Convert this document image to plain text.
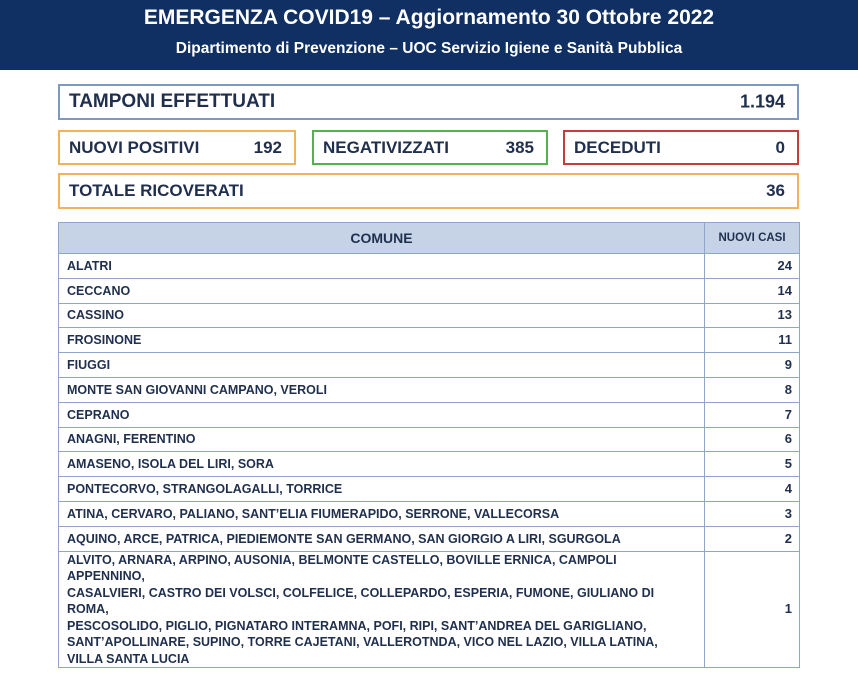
EMERGENZA COVID19 – Aggiornamento 30 Ottobre 2022
Dipartimento di Prevenzione – UOC Servizio Igiene e Sanità Pubblica
TAMPONI EFFETTUATI	1.194
NUOVI POSITIVI	192 NEGATIVIZZATI	385 DECEDUTI	0
TOTALE RICOVERATI	36
COMUNE	NUOVI CASI
ALATRI	24
CECCANO	14
CASSINO	13
FROSINONE	11
FIUGGI	9
MONTE SAN GIOVANNI CAMPANO, VEROLI	8
CEPRANO	7
ANAGNI, FERENTINO	6
AMASENO, ISOLA DEL LIRI, SORA	5
PONTECORVO, STRANGOLAGALLI, TORRICE	4
ATINA, CERVARO, PALIANO, SANT’ELIA FIUMERAPIDO, SERRONE, VALLECORSA	3
AQUINO, ARCE, PATRICA, PIEDIEMONTE SAN GERMANO, SAN GIORGIO A LIRI, SGURGOLA	2

ALVITO, ARNARA, ARPINO, AUSONIA, BELMONTE CASTELLO, BOVILLE ERNICA, CAMPOLI APPENNINO,
CASALVIERI, CASTRO DEI VOLSCI, COLFELICE, COLLEPARDO, ESPERIA, FUMONE, GIULIANO DI ROMA,
PESCOSOLIDO, PIGLIO, PIGNATARO INTERAMNA, POFI, RIPI, SANT’ANDREA DEL GARIGLIANO,
SANT’APOLLINARE, SUPINO, TORRE CAJETANI, VALLEROTNDA, VICO NEL LAZIO, VILLA LATINA,
VILLA SANTA LUCIA	1
